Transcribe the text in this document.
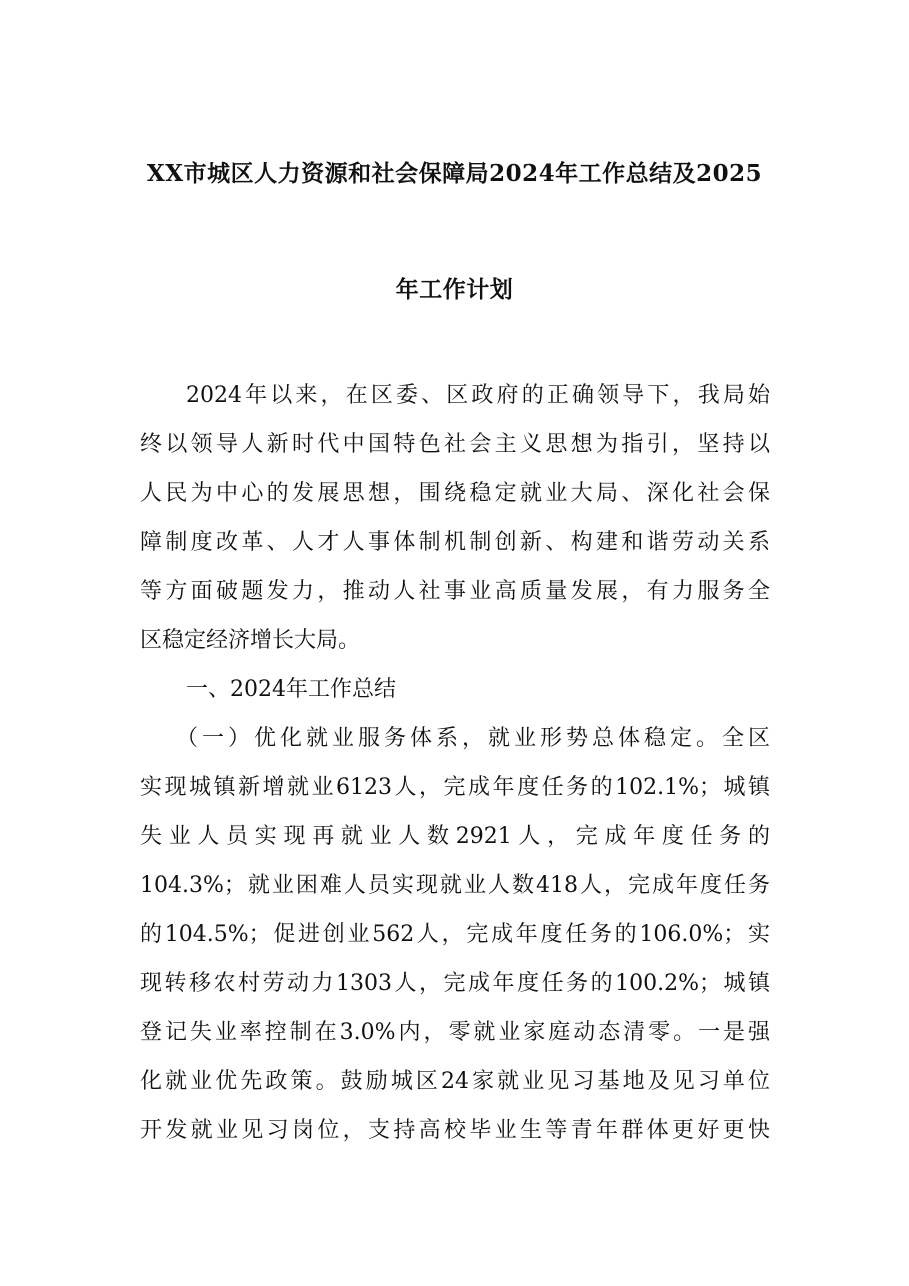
XX市城区人力资源和社会保障局2024年工作总结及2025
年工作计划
2024年以来，在区委、区政府的正确领导下，我局始
终以领导人新时代中国特色社会主义思想为指引，坚持以
人民为中心的发展思想，围绕稳定就业大局、深化社会保
障制度改革、人才人事体制机制创新、构建和谐劳动关系
等方面破题发力，推动人社事业高质量发展，有力服务全
区稳定经济增长大局。
一、2024年工作总结
（一）优化就业服务体系，就业形势总体稳定。全区
实现城镇新增就业6123人，完成年度任务的102.1%；城镇
失业人员实现再就业人数2921人，完成年度任务的
104.3%；就业困难人员实现就业人数418人，完成年度任务
的104.5%；促进创业562人，完成年度任务的106.0%；实
现转移农村劳动力1303人，完成年度任务的100.2%；城镇
登记失业率控制在3.0%内，零就业家庭动态清零。一是强
化就业优先政策。鼓励城区24家就业见习基地及见习单位
开发就业见习岗位，支持高校毕业生等青年群体更好更快
